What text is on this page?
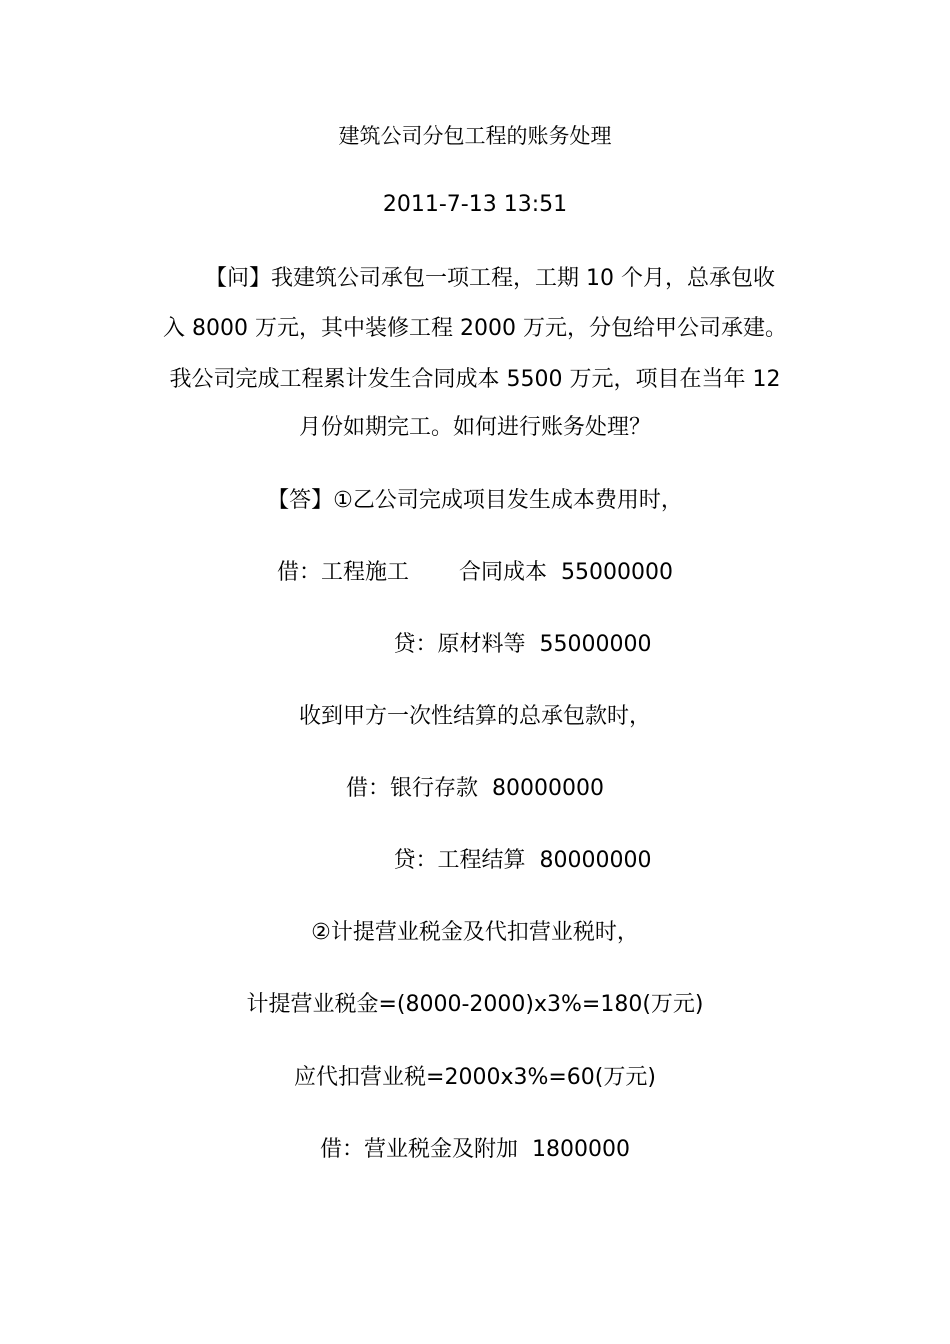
建筑公司分包工程的账务处理
2011-7-13 13:51
【问】我建筑公司承包一项工程，工期 10 个月，总承包收
入 8000 万元，其中装修工程 2000 万元，分包给甲公司承建。
我公司完成工程累计发生合同成本 5500 万元，项目在当年 12
月份如期完工。如何进行账务处理？
【答】①乙公司完成项目发生成本费用时，
借：工程施工 合同成本  55000000
贷：原材料等  55000000
收到甲方一次性结算的总承包款时，
借：银行存款  80000000
贷：工程结算  80000000
②计提营业税金及代扣营业税时，
计提营业税金=(8000-2000)x3%=180(万元)
应代扣营业税=2000x3%=60(万元)
借：营业税金及附加  1800000
